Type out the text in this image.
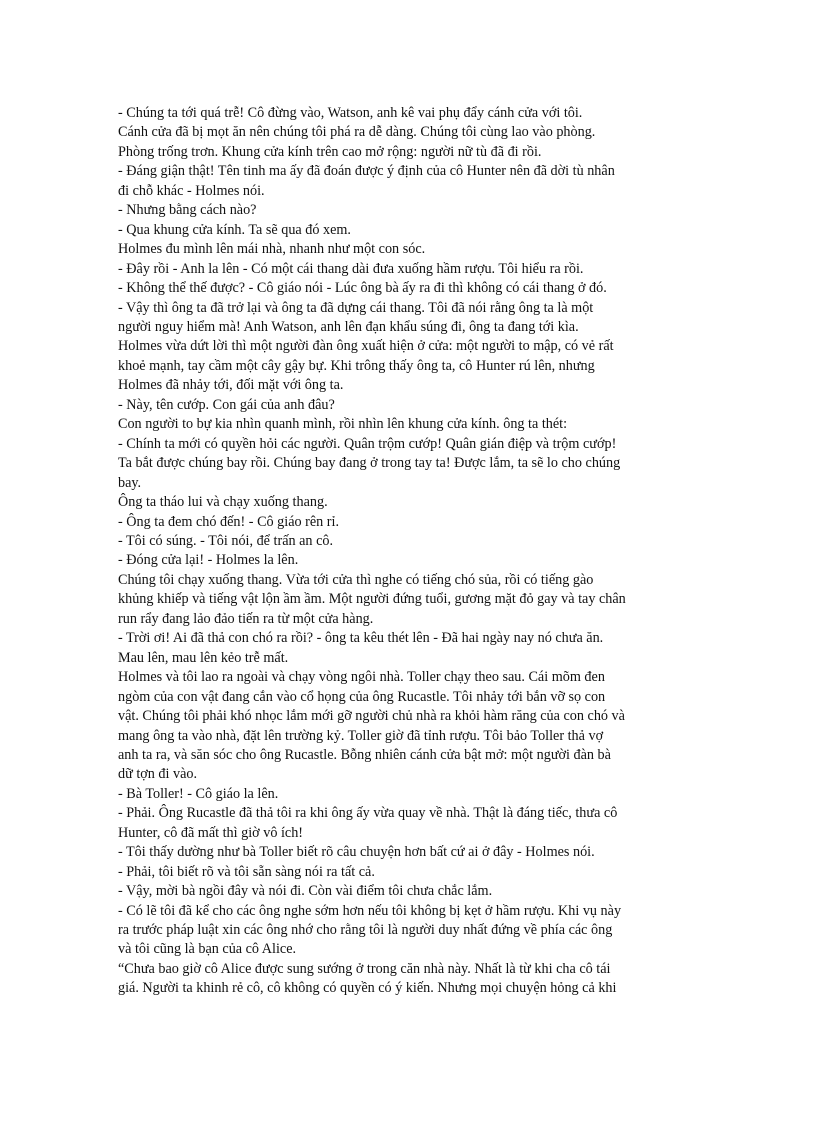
- Chúng ta tới quá trễ! Cô đừng vào, Watson, anh kê vai phụ đẩy cánh cửa với tôi.
Cánh cửa đã bị mọt ăn nên chúng tôi phá ra dễ dàng. Chúng tôi cùng lao vào phòng.
Phòng trống trơn. Khung cửa kính trên cao mở rộng: người nữ tù đã đi rồi.
- Đáng giận thật! Tên tinh ma ấy đã đoán được ý định của cô Hunter nên đã dời tù nhân
đi chỗ khác - Holmes nói.
- Nhưng bằng cách nào?
- Qua khung cửa kính. Ta sẽ qua đó xem.
Holmes đu mình lên mái nhà, nhanh như một con sóc.
- Đây rồi - Anh la lên - Có một cái thang dài đưa xuống hầm rượu. Tôi hiểu ra rồi.
- Không thể thế được? - Cô giáo nói - Lúc ông bà ấy ra đi thì không có cái thang ở đó.
- Vậy thì ông ta đã trở lại và ông ta đã dựng cái thang. Tôi đã nói rằng ông ta là một
người nguy hiểm mà! Anh Watson, anh lên đạn khẩu súng đi, ông ta đang tới kìa.
Holmes vừa dứt lời thì một người đàn ông xuất hiện ở cửa: một người to mập, có vẻ rất
khoẻ mạnh, tay cầm một cây gậy bự. Khi trông thấy ông ta, cô Hunter rú lên, nhưng
Holmes đã nhảy tới, đối mặt với ông ta.
- Này, tên cướp. Con gái của anh đâu?
Con người to bự kia nhìn quanh mình, rồi nhìn lên khung cửa kính. ông ta thét:
- Chính ta mới có quyền hỏi các người. Quân trộm cướp! Quân gián điệp và trộm cướp!
Ta bắt được chúng bay rồi. Chúng bay đang ở trong tay ta! Được lắm, ta sẽ lo cho chúng
bay.
Ông ta tháo lui và chạy xuống thang.
- Ông ta đem chó đến! - Cô giáo rên rỉ.
- Tôi có súng. - Tôi nói, để trấn an cô.
- Đóng cửa lại! - Holmes la lên.
Chúng tôi chạy xuống thang. Vừa tới cửa thì nghe có tiếng chó sủa, rồi có tiếng gào
khủng khiếp và tiếng vật lộn ầm ầm. Một người đứng tuổi, gương mặt đỏ gay và tay chân
run rẩy đang lảo đảo tiến ra từ một cửa hàng.
- Trời ơi! Ai đã thả con chó ra rồi? - ông ta kêu thét lên - Đã hai ngày nay nó chưa ăn.
Mau lên, mau lên kẻo trễ mất.
Holmes và tôi lao ra ngoài và chạy vòng ngôi nhà. Toller chạy theo sau. Cái mõm đen
ngòm của con vật đang cắn vào cổ họng của ông Rucastle. Tôi nhảy tới bắn vỡ sọ con
vật. Chúng tôi phải khó nhọc lắm mới gỡ người chủ nhà ra khỏi hàm răng của con chó và
mang ông ta vào nhà, đặt lên trường kỷ. Toller giờ đã tỉnh rượu. Tôi bảo Toller thả vợ
anh ta ra, và săn sóc cho ông Rucastle. Bỗng nhiên cánh cửa bật mở: một người đàn bà
dữ tợn đi vào.
- Bà Toller! - Cô giáo la lên.
- Phải. Ông Rucastle đã thả tôi ra khi ông ấy vừa quay về nhà. Thật là đáng tiếc, thưa cô
Hunter, cô đã mất thì giờ vô ích!
- Tôi thấy dường như bà Toller biết rõ câu chuyện hơn bất cứ ai ở đây - Holmes nói.
- Phải, tôi biết rõ và tôi sẵn sàng nói ra tất cả.
- Vậy, mời bà ngồi đây và nói đi. Còn vài điểm tôi chưa chắc lắm.
- Có lẽ tôi đã kể cho các ông nghe sớm hơn nếu tôi không bị kẹt ở hầm rượu. Khi vụ này
ra trước pháp luật xin các ông nhớ cho rằng tôi là người duy nhất đứng về phía các ông
và tôi cũng là bạn của cô Alice.
“Chưa bao giờ cô Alice được sung sướng ở trong căn nhà này. Nhất là từ khi cha cô tái
giá. Người ta khinh rẻ cô, cô không có quyền có ý kiến. Nhưng mọi chuyện hỏng cả khi
